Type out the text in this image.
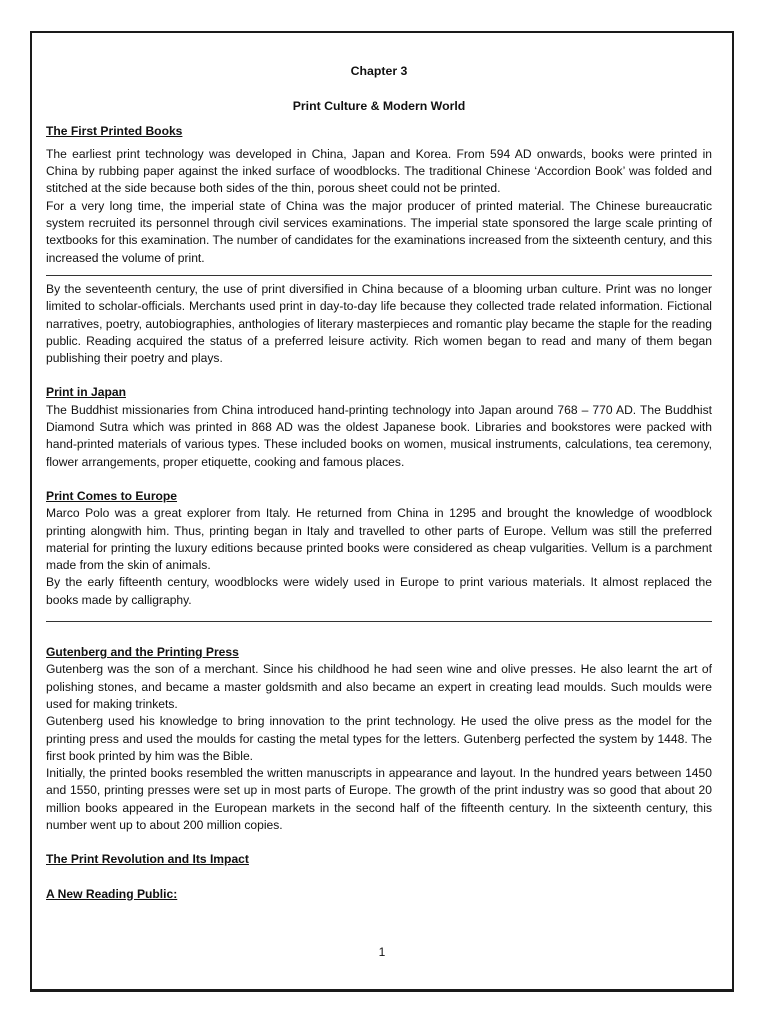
Chapter 3
Print Culture & Modern World
The First Printed Books

The earliest print technology was developed in China, Japan and Korea. From 594 AD onwards, books were printed in China by rubbing paper against the inked surface of woodblocks. The traditional Chinese ‘Accordion Book’ was folded and stitched at the side because both sides of the thin, porous sheet could not be printed.

For a very long time, the imperial state of China was the major producer of printed material. The Chinese bureaucratic system recruited its personnel through civil services examinations. The imperial state sponsored the large scale printing of textbooks for this examination. The number of candidates for the examinations increased from the sixteenth century, and this increased the volume of print.

By the seventeenth century, the use of print diversified in China because of a blooming urban culture. Print was no longer limited to scholar-officials. Merchants used print in day-to-day life because they collected trade related information. Fictional narratives, poetry, autobiographies, anthologies of literary masterpieces and romantic play became the staple for the reading public. Reading acquired the status of a preferred leisure activity. Rich women began to read and many of them began publishing their poetry and plays.

Print in Japan

The Buddhist missionaries from China introduced hand-printing technology into Japan around 768 – 770 AD. The Buddhist Diamond Sutra which was printed in 868 AD was the oldest Japanese book. Libraries and bookstores were packed with hand-printed materials of various types. These included books on women, musical instruments, calculations, tea ceremony, flower arrangements, proper etiquette, cooking and famous places.

Print Comes to Europe

Marco Polo was a great explorer from Italy. He returned from China in 1295 and brought the knowledge of woodblock printing alongwith him. Thus, printing began in Italy and travelled to other parts of Europe. Vellum was still the preferred material for printing the luxury editions because printed books were considered as cheap vulgarities. Vellum is a parchment made from the skin of animals.

By the early fifteenth century, woodblocks were widely used in Europe to print various materials. It almost replaced the books made by calligraphy.

Gutenberg and the Printing Press

Gutenberg was the son of a merchant. Since his childhood he had seen wine and olive presses. He also learnt the art of polishing stones, and became a master goldsmith and also became an expert in creating lead moulds. Such moulds were used for making trinkets.

Gutenberg used his knowledge to bring innovation to the print technology. He used the olive press as the model for the printing press and used the moulds for casting the metal types for the letters. Gutenberg perfected the system by 1448. The first book printed by him was the Bible.

Initially, the printed books resembled the written manuscripts in appearance and layout. In the hundred years between 1450 and 1550, printing presses were set up in most parts of Europe. The growth of the print industry was so good that about 20 million books appeared in the European markets in the second half of the fifteenth century. In the sixteenth century, this number went up to about 200 million copies.

The Print Revolution and Its Impact
A New Reading Public:
1
